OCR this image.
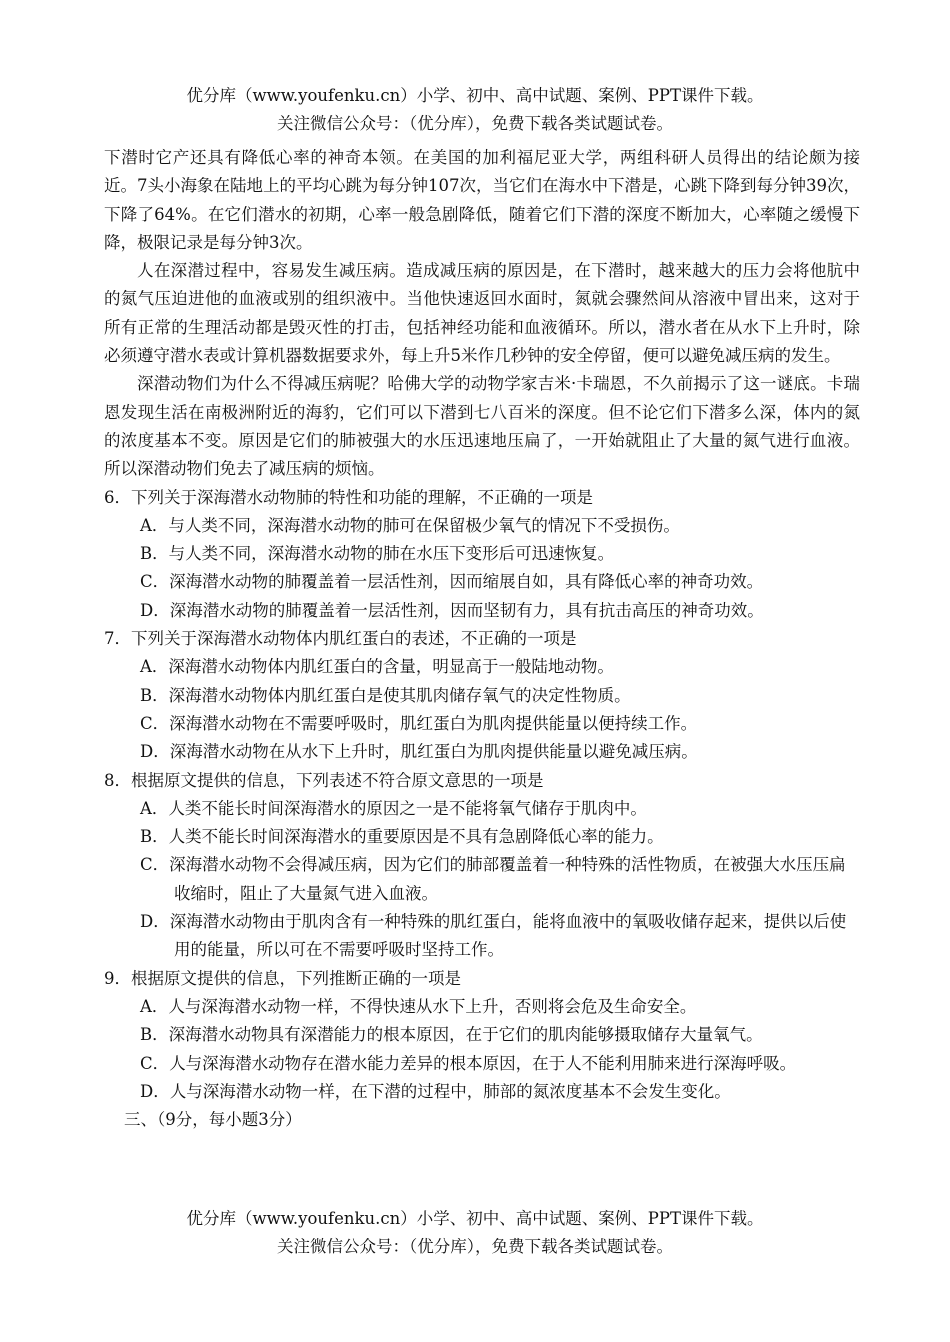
优分库（www.youfenku.cn）小学、初中、高中试题、案例、PPT课件下载。
关注微信公众号：（优分库），免费下载各类试题试卷。

下潜时它产还具有降低心率的神奇本领。在美国的加利福尼亚大学，两组科研人员得出的结论颇为接近。7头小海象在陆地上的平均心跳为每分钟107次，当它们在海水中下潜是，心跳下降到每分钟39次，下降了64%。在它们潜水的初期，心率一般急剧降低，随着它们下潜的深度不断加大，心率随之缓慢下降，极限记录是每分钟3次。

人在深潜过程中，容易发生减压病。造成减压病的原因是，在下潜时，越来越大的压力会将他肮中的氮气压迫进他的血液或别的组织液中。当他快速返回水面时，氮就会骤然间从溶液中冒出来，这对于所有正常的生理活动都是毁灭性的打击，包括神经功能和血液循环。所以，潜水者在从水下上升时，除必须遵守潜水表或计算机器数据要求外，每上升5米作几秒钟的安全停留，便可以避免减压病的发生。

深潜动物们为什么不得减压病呢？哈佛大学的动物学家吉米·卡瑞恩，不久前揭示了这一谜底。卡瑞恩发现生活在南极洲附近的海豹，它们可以下潜到七八百米的深度。但不论它们下潜多么深，体内的氮的浓度基本不变。原因是它们的肺被强大的水压迅速地压扁了，一开始就阻止了大量的氮气进行血液。所以深潜动物们免去了减压病的烦恼。

6．下列关于深海潜水动物肺的特性和功能的理解，不正确的一项是

A．与人类不同，深海潜水动物的肺可在保留极少氧气的情况下不受损伤。

B．与人类不同，深海潜水动物的肺在水压下变形后可迅速恢复。

C．深海潜水动物的肺覆盖着一层活性剂，因而缩展自如，具有降低心率的神奇功效。

D．深海潜水动物的肺覆盖着一层活性剂，因而坚韧有力，具有抗击高压的神奇功效。

7．下列关于深海潜水动物体内肌红蛋白的表述，不正确的一项是

A．深海潜水动物体内肌红蛋白的含量，明显高于一般陆地动物。

B．深海潜水动物体内肌红蛋白是使其肌肉储存氧气的决定性物质。

C．深海潜水动物在不需要呼吸时，肌红蛋白为肌肉提供能量以便持续工作。

D．深海潜水动物在从水下上升时，肌红蛋白为肌肉提供能量以避免减压病。

8．根据原文提供的信息，下列表述不符合原文意思的一项是

A．人类不能长时间深海潜水的原因之一是不能将氧气储存于肌肉中。

B．人类不能长时间深海潜水的重要原因是不具有急剧降低心率的能力。

C．深海潜水动物不会得减压病，因为它们的肺部覆盖着一种特殊的活性物质，在被强大水压压扁收缩时，阻止了大量氮气进入血液。

D．深海潜水动物由于肌肉含有一种特殊的肌红蛋白，能将血液中的氧吸收储存起来，提供以后使用的能量，所以可在不需要呼吸时坚持工作。

9．根据原文提供的信息，下列推断正确的一项是

A．人与深海潜水动物一样，不得快速从水下上升，否则将会危及生命安全。

B．深海潜水动物具有深潜能力的根本原因，在于它们的肌肉能够摄取储存大量氧气。

C．人与深海潜水动物存在潜水能力差异的根本原因，在于人不能利用肺来进行深海呼吸。

D．人与深海潜水动物一样，在下潜的过程中，肺部的氮浓度基本不会发生变化。

三、（9分，每小题3分）

优分库（www.youfenku.cn）小学、初中、高中试题、案例、PPT课件下载。
关注微信公众号：（优分库），免费下载各类试题试卷。
